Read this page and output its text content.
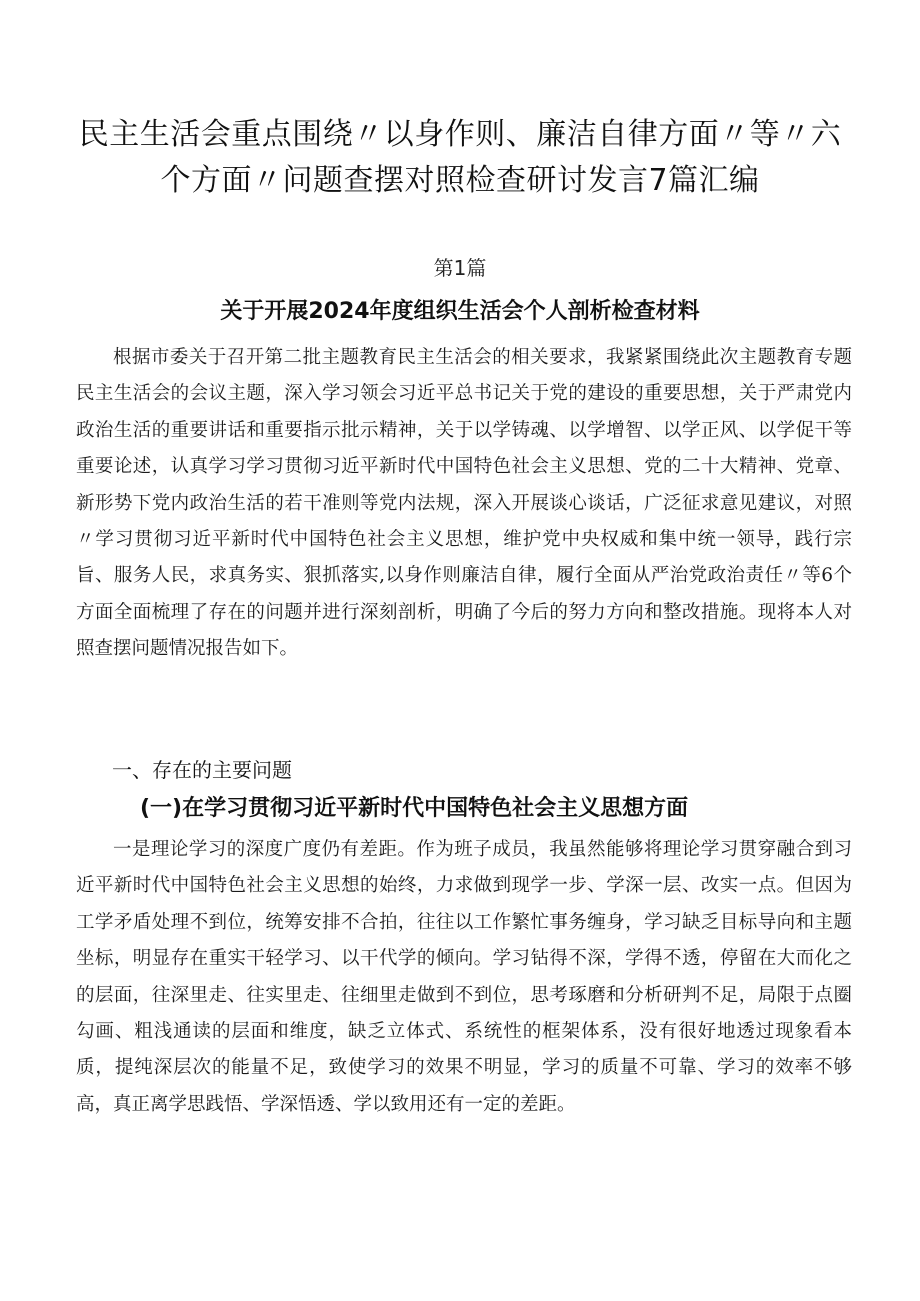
民主生活会重点围绕〃以身作则、廉洁自律方面〃等〃六个方面〃问题查摆对照检查研讨发言7篇汇编
第1篇
关于开展2024年度组织生活会个人剖析检查材料

根据市委关于召开第二批主题教育民主生活会的相关要求，我紧紧围绕此次主题教育专题民主生活会的会议主题，深入学习领会习近平总书记关于党的建设的重要思想，关于严肃党内政治生活的重要讲话和重要指示批示精神，关于以学铸魂、以学增智、以学正风、以学促干等重要论述，认真学习学习贯彻习近平新时代中国特色社会主义思想、党的二十大精神、党章、新形势下党内政治生活的若干准则等党内法规，深入开展谈心谈话，广泛征求意见建议，对照〃学习贯彻习近平新时代中国特色社会主义思想，维护党中央权威和集中统一领导，践行宗旨、服务人民，求真务实、狠抓落实,以身作则廉洁自律，履行全面从严治党政治责任〃等6个方面全面梳理了存在的问题并进行深刻剖析，明确了今后的努力方向和整改措施。现将本人对照查摆问题情况报告如下。

一、存在的主要问题
(一)在学习贯彻习近平新时代中国特色社会主义思想方面

一是理论学习的深度广度仍有差距。作为班子成员，我虽然能够将理论学习贯穿融合到习近平新时代中国特色社会主义思想的始终，力求做到现学一步、学深一层、改实一点。但因为工学矛盾处理不到位，统筹安排不合拍，往往以工作繁忙事务缠身，学习缺乏目标导向和主题坐标，明显存在重实干轻学习、以干代学的倾向。学习钻得不深，学得不透，停留在大而化之的层面，往深里走、往实里走、往细里走做到不到位，思考琢磨和分析研判不足，局限于点圈勾画、粗浅通读的层面和维度，缺乏立体式、系统性的框架体系，没有很好地透过现象看本质，提纯深层次的能量不足，致使学习的效果不明显，学习的质量不可靠、学习的效率不够高，真正离学思践悟、学深悟透、学以致用还有一定的差距。
